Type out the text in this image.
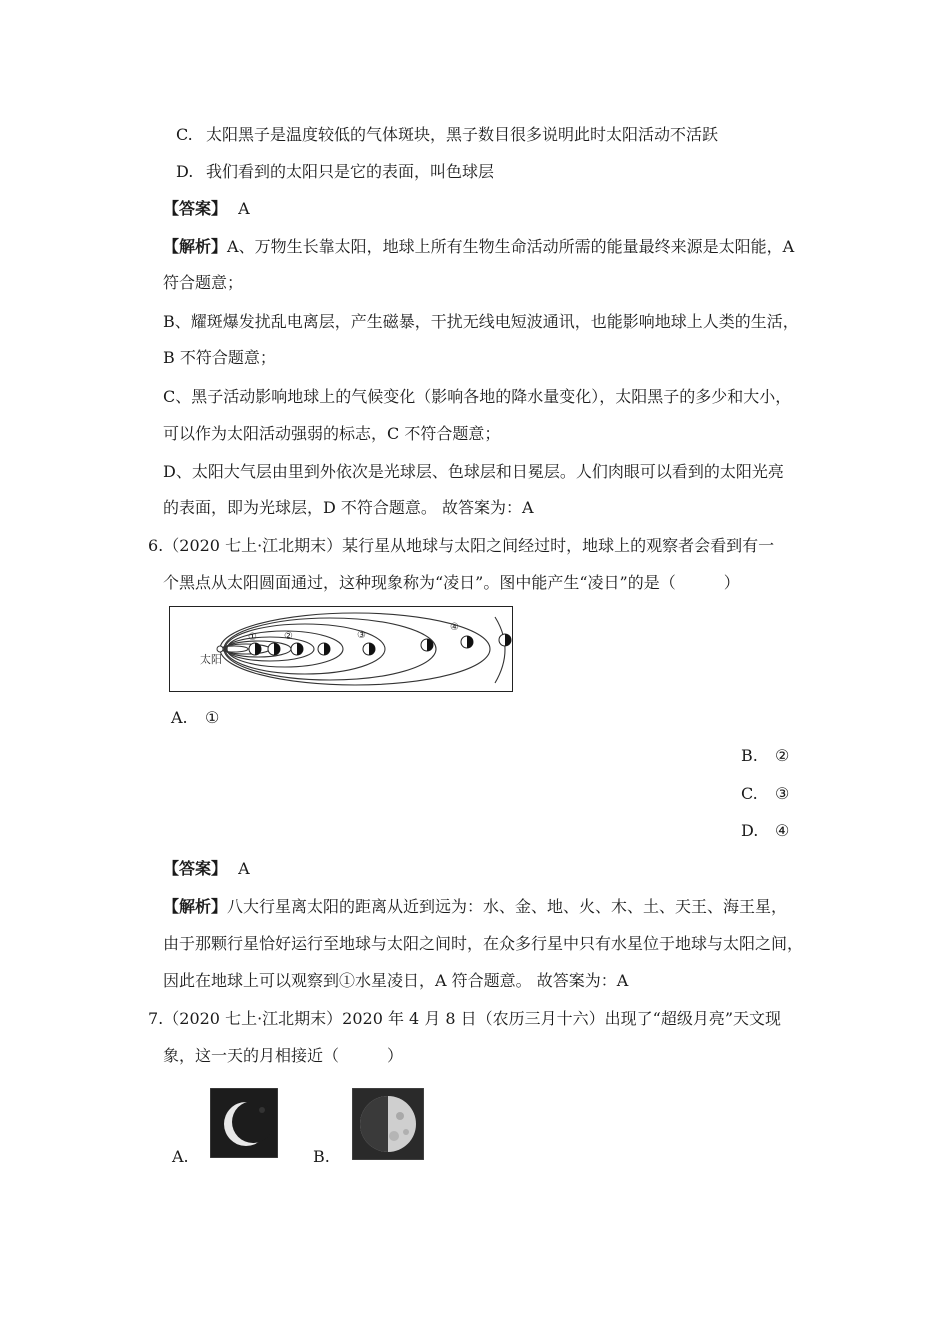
C. 太阳黑子是温度较低的气体斑块，黑子数目很多说明此时太阳活动不活跃
D. 我们看到的太阳只是它的表面，叫色球层
【答案】 A
【解析】A、万物生长靠太阳，地球上所有生物生命活动所需的能量最终来源是太阳能，A
符合题意；
B、耀斑爆发扰乱电离层，产生磁暴，干扰无线电短波通讯，也能影响地球上人类的生活，
B 不符合题意；
C、黑子活动影响地球上的气候变化（影响各地的降水量变化），太阳黑子的多少和大小，
可以作为太阳活动强弱的标志，C 不符合题意；
D、太阳大气层由里到外依次是光球层、色球层和日冕层。人们肉眼可以看到的太阳光亮
的表面，即为光球层，D 不符合题意。 故答案为：A
6.（2020 七上·江北期末）某行星从地球与太阳之间经过时，地球上的观察者会看到有一
个黑点从太阳圆面通过，这种现象称为“凌日”。图中能产生“凌日”的是（　　　）
太阳
①	②	③
④
A. ①
B. ②
C. ③
D. ④
【答案】 A
【解析】八大行星离太阳的距离从近到远为：水、金、地、火、木、土、天王、海王星，
由于那颗行星恰好运行至地球与太阳之间时，在众多行星中只有水星位于地球与太阳之间，
因此在地球上可以观察到①水星凌日，A 符合题意。 故答案为：A
7.（2020 七上·江北期末）2020 年 4 月 8 日（农历三月十六）出现了“超级月亮”天文现
象，这一天的月相接近（　　　）
A.	B.
